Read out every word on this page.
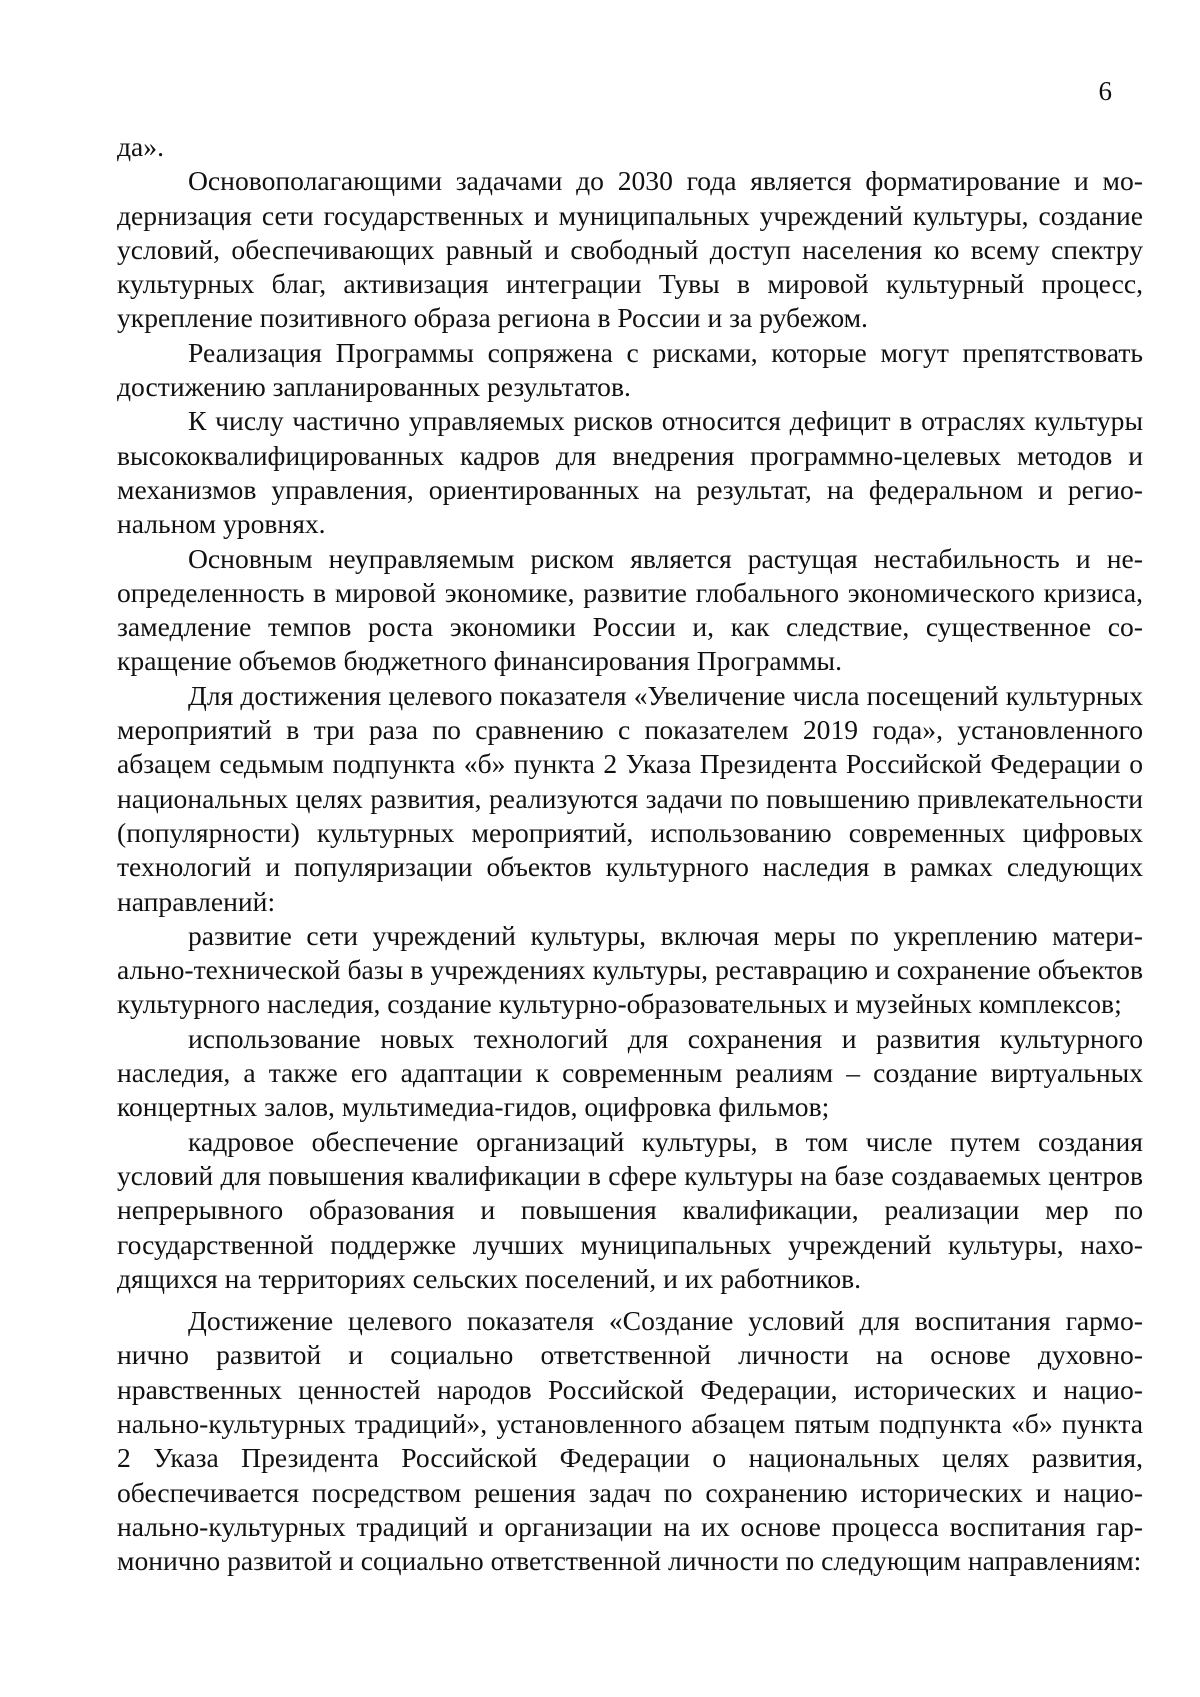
6

да».

Основополагающими задачами до 2030 года является форматирование и модернизация сети государственных и муниципальных учреждений культуры, создание условий, обеспечивающих равный и свободный доступ населения ко всему спектру культурных благ, активизация интеграции Тувы в мировой культурный процесс, укрепление позитивного образа региона в России и за рубежом.

Реализация Программы сопряжена с рисками, которые могут препятствовать достижению запланированных результатов.

К числу частично управляемых рисков относится дефицит в отраслях культуры высококвалифицированных кадров для внедрения программно-целевых методов и механизмов управления, ориентированных на результат, на федеральном и региональном уровнях.

Основным неуправляемым риском является растущая нестабильность и неопределенность в мировой экономике, развитие глобального экономического кризиса, замедление темпов роста экономики России и, как следствие, существенное сокращение объемов бюджетного финансирования Программы.

Для достижения целевого показателя «Увеличение числа посещений культурных мероприятий в три раза по сравнению с показателем 2019 года», установленного абзацем седьмым подпункта «б» пункта 2 Указа Президента Российской Федерации о национальных целях развития, реализуются задачи по повышению привлекательности (популярности) культурных мероприятий, использованию современных цифровых технологий и популяризации объектов культурного наследия в рамках следующих направлений:

развитие сети учреждений культуры, включая меры по укреплению материально-технической базы в учреждениях культуры, реставрацию и сохранение объектов культурного наследия, создание культурно-образовательных и музейных комплексов;

использование новых технологий для сохранения и развития культурного наследия, а также его адаптации к современным реалиям – создание виртуальных концертных залов, мультимедиа-гидов, оцифровка фильмов;

кадровое обеспечение организаций культуры, в том числе путем создания условий для повышения квалификации в сфере культуры на базе создаваемых центров непрерывного образования и повышения квалификации, реализации мер по государственной поддержке лучших муниципальных учреждений культуры, находящихся на территориях сельских поселений, и их работников.

Достижение целевого показателя «Создание условий для воспитания гармонично развитой и социально ответственной личности на основе духовно-нравственных ценностей народов Российской Федерации, исторических и национально-культурных традиций», установленного абзацем пятым подпункта «б» пункта 2 Указа Президента Российской Федерации о национальных целях развития, обеспечивается посредством решения задач по сохранению исторических и национально-культурных традиций и организации на их основе процесса воспитания гармонично развитой и социально ответственной личности по следующим направлениям:
